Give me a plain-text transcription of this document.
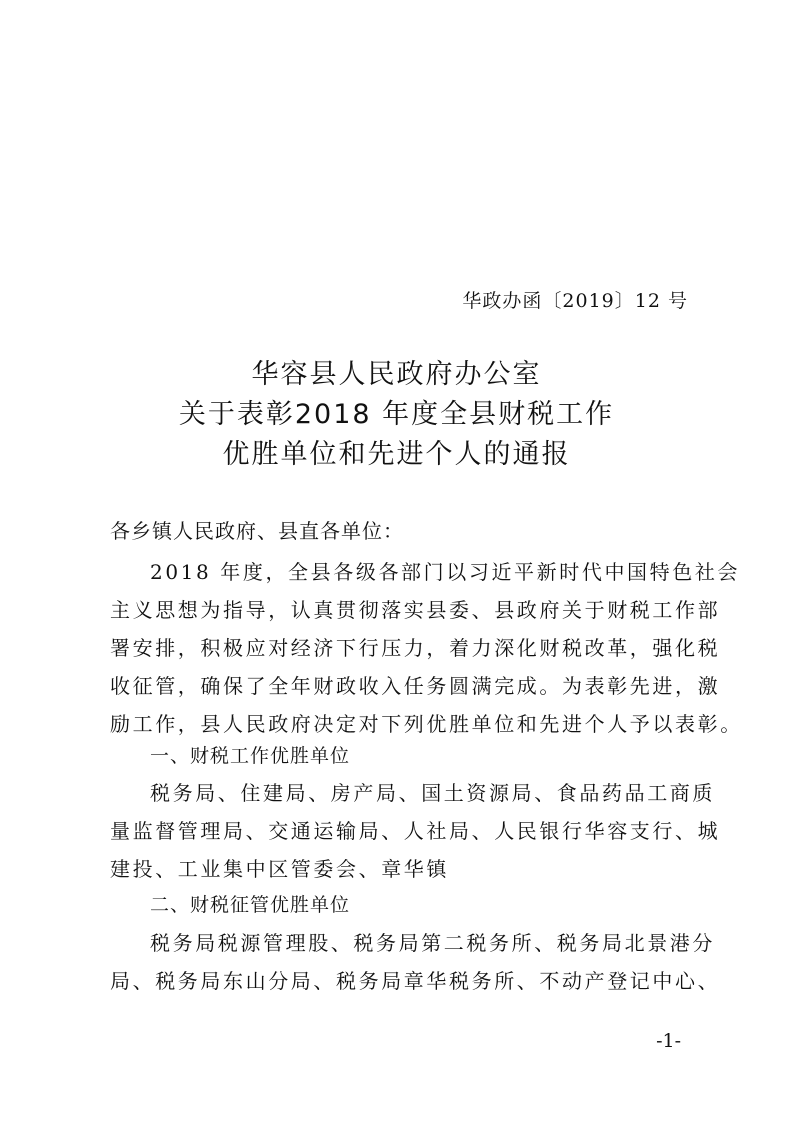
华政办函〔2019〕12 号
华容县人民政府办公室
关于表彰2018 年度全县财税工作
优胜单位和先进个人的通报
各乡镇人民政府、县直各单位：
2018 年度，全县各级各部门以习近平新时代中国特色社会
主义思想为指导，认真贯彻落实县委、县政府关于财税工作部
署安排，积极应对经济下行压力，着力深化财税改革，强化税
收征管，确保了全年财政收入任务圆满完成。为表彰先进，激
励工作，县人民政府决定对下列优胜单位和先进个人予以表彰。
一、财税工作优胜单位
税务局、住建局、房产局、国土资源局、食品药品工商质
量监督管理局、交通运输局、人社局、人民银行华容支行、城
建投、工业集中区管委会、章华镇
二、财税征管优胜单位
税务局税源管理股、税务局第二税务所、税务局北景港分
局、税务局东山分局、税务局章华税务所、不动产登记中心、
-1-
